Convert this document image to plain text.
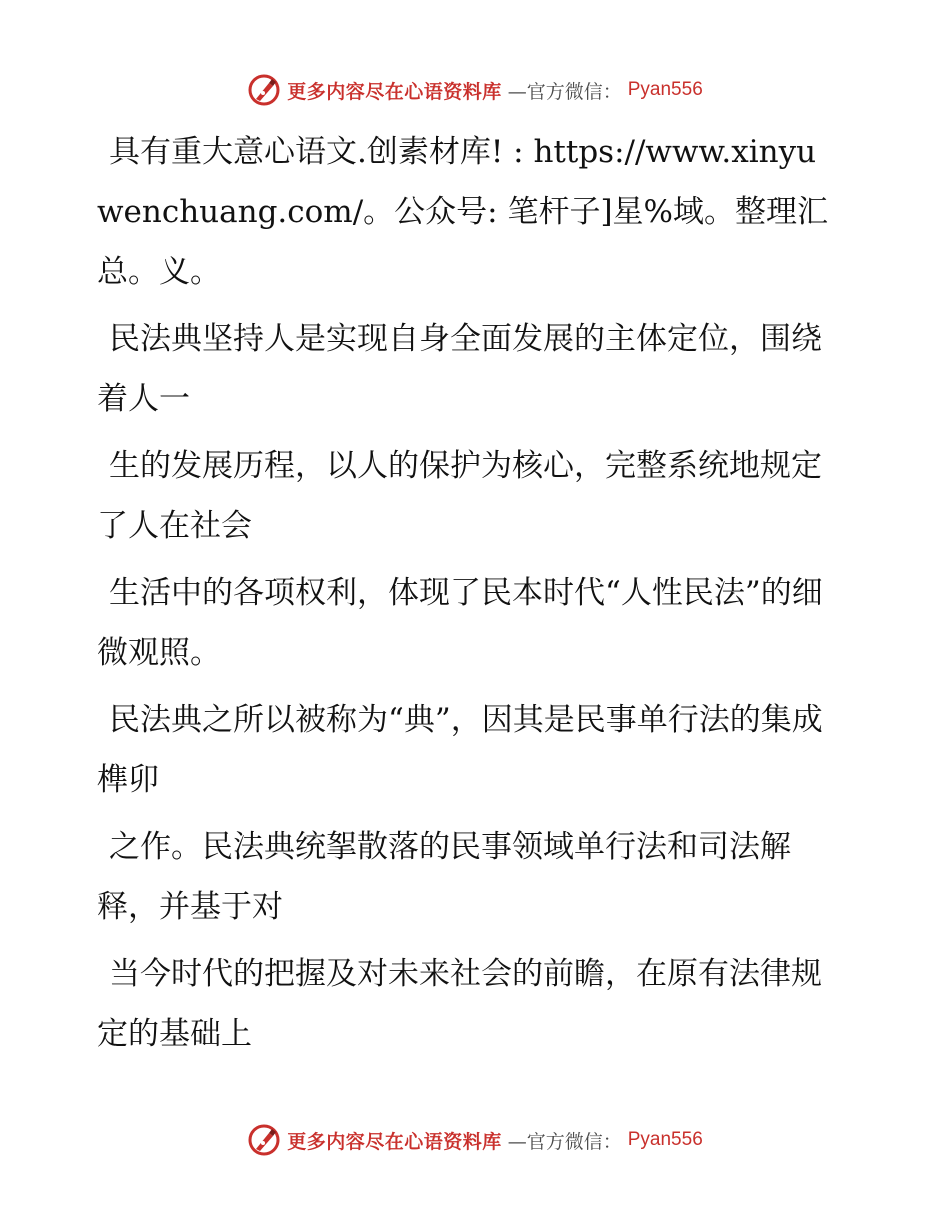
更多内容尽在心语资料库 —官方微信： Pyan556

具有重大意心语文.创素材库! : https://www.xinyuwenchuang.com/。公众号: 笔杆子]星%域。整理汇总。义。

民法典坚持人是实现自身全面发展的主体定位，围绕着人一

生的发展历程，以人的保护为核心，完整系统地规定了人在社会

生活中的各项权利，体现了民本时代“人性民法”的细微观照。

民法典之所以被称为“典”，因其是民事单行法的集成榫卯

之作。民法典统挐散落的民事领域单行法和司法解释，并基于对

当今时代的把握及对未来社会的前瞻，在原有法律规定的基础上

更多内容尽在心语资料库 —官方微信： Pyan556
